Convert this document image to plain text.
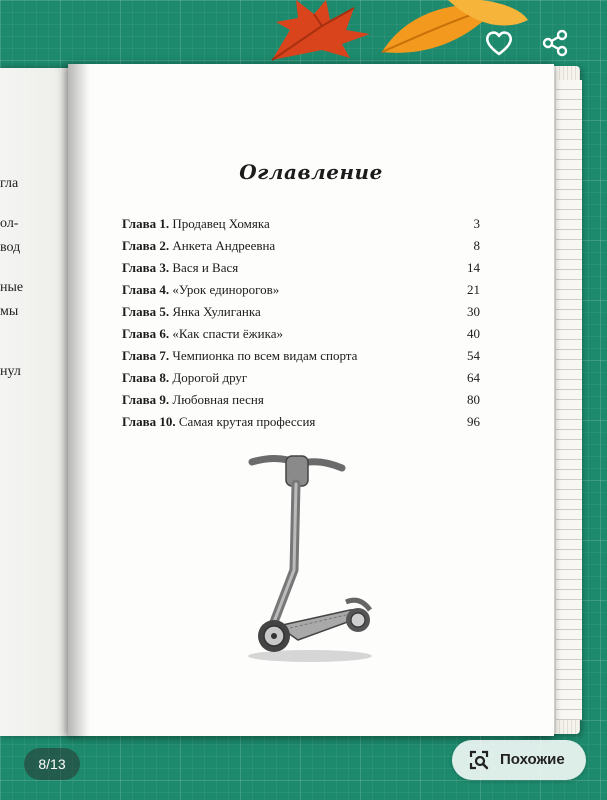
гла
ол-
вод
ные
мы
нул
Оглавление
Глава 1. Продавец Хомяка	3
Глава 2. Анкета Андреевна	8
Глава 3. Вася и Вася	14
Глава 4. «Урок единорогов»	21
Глава 5. Янка Хулиганка	30
Глава 6. «Как спасти ёжика»	40
Глава 7. Чемпионка по всем видам спорта	54
Глава 8. Дорогой друг	64
Глава 9. Любовная песня	80
Глава 10. Самая крутая профессия	96
8/13	Похожие
